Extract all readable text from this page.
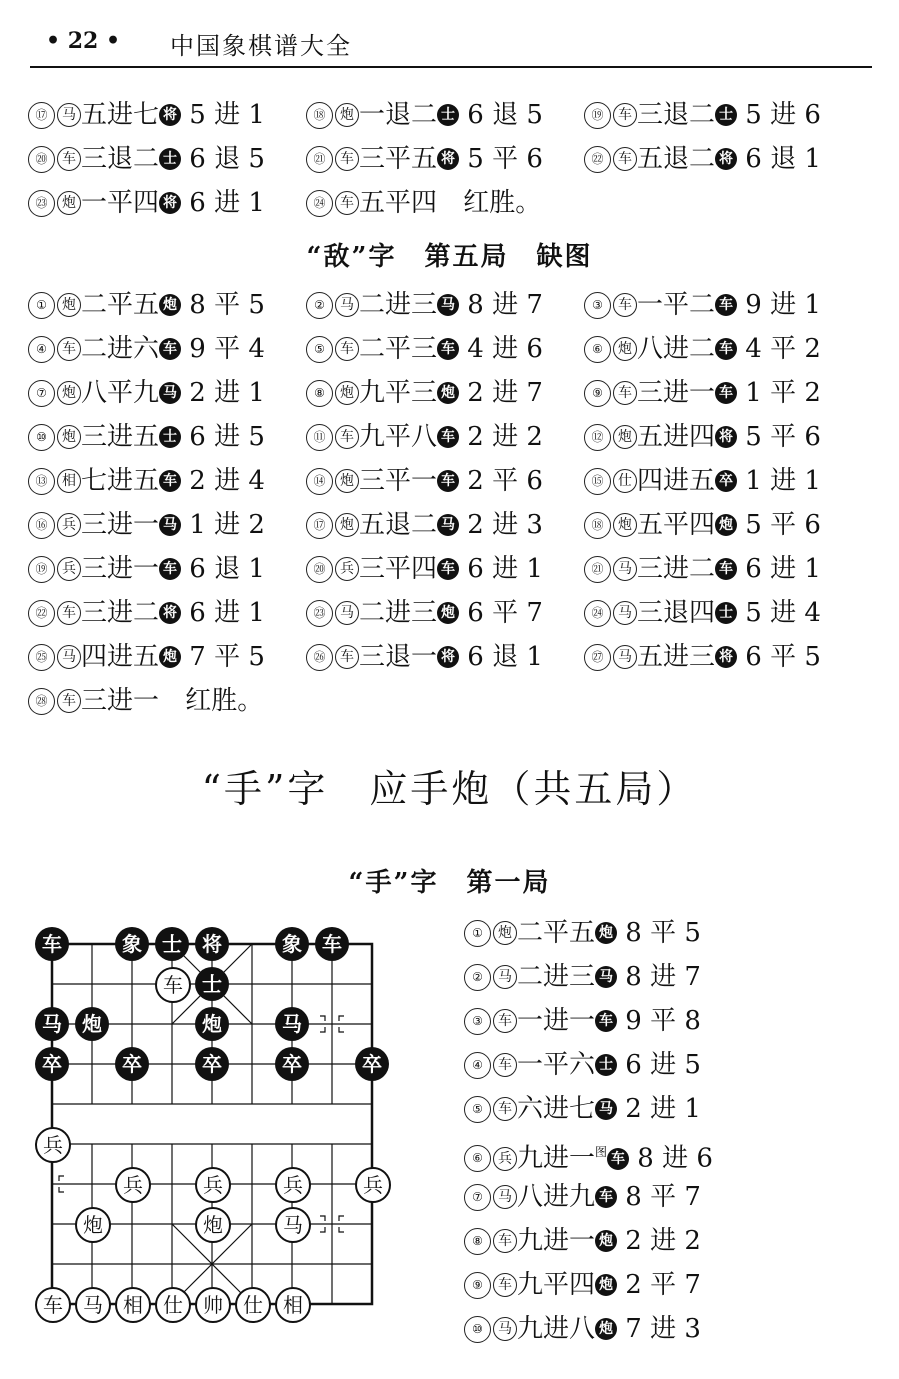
• 22 • 中国象棋谱大全
⑰ 马 五进七 将 5 进 1	⑱ 炮 一退二 士 6 退 5	⑲ 车 三退二 士 5 进 6
⑳ 车 三退二 士 6 退 5	㉑ 车 三平五 将 5 平 6	㉒ 车 五退二 将 6 退 1
㉓ 炮 一平四 将 6 进 1	㉔ 车 五平四 红胜。
“敌”字　第五局　缺图
① 炮 二平五 炮 8 平 5	② 马 二进三 马 8 进 7	③ 车 一平二 车 9 进 1
④ 车 二进六 车 9 平 4	⑤ 车 二平三 车 4 进 6	⑥ 炮 八进二 车 4 平 2
⑦ 炮 八平九 马 2 进 1	⑧ 炮 九平三 炮 2 进 7	⑨ 车 三进一 车 1 平 2
⑩ 炮 三进五 士 6 进 5	⑪ 车 九平八 车 2 进 2	⑫ 炮 五进四 将 5 平 6
⑬ 相 七进五 车 2 进 4	⑭ 炮 三平一 车 2 平 6	⑮ 仕 四进五 卒 1 进 1
⑯ 兵 三进一 马 1 进 2	⑰ 炮 五退二 马 2 进 3	⑱ 炮 五平四 炮 5 平 6
⑲ 兵 三进一 车 6 退 1	⑳ 兵 三平四 车 6 进 1	㉑ 马 三进二 车 6 进 1
㉒ 车 三进二 将 6 进 1	㉓ 马 二进三 炮 6 平 7	㉔ 马 三退四 士 5 进 4
㉕ 马 四进五 炮 7 平 5	㉖ 车 三退一 将 6 退 1	㉗ 马 五进三 将 6 平 5
㉘ 车 三进一 红胜。
“手”字　应手炮（共五局）
“手”字　第一局
车	象	士	将	象	车
车 士
马	炮	炮	马
卒	卒	卒	卒	卒
兵
兵	兵	兵	兵
炮	炮	马
车	马	相	仕	帅	仕	相
① 炮 二平五 炮 8 平 5
② 马 二进三 马 8 进 7
③ 车 一进一 车 9 平 8
④ 车 一平六 士 6 进 5
⑤ 车 六进七 马 2 进 1
⑥ 兵 九进一$^图$ 车 8 进 6
⑦ 马 八进九 车 8 平 7
⑧ 车 九进一 炮 2 进 2
⑨ 车 九平四 炮 2 平 7
⑩ 马 九进八 炮 7 进 3
